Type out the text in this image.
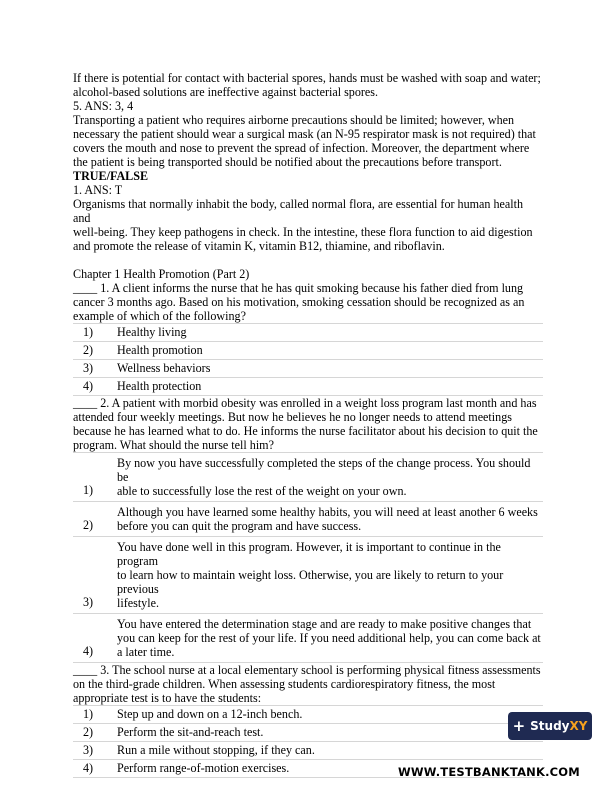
If there is potential for contact with bacterial spores, hands must be washed with soap and water;

alcohol-based solutions are ineffective against bacterial spores.

5. ANS: 3, 4

Transporting a patient who requires airborne precautions should be limited; however, when

necessary the patient should wear a surgical mask (an N-95 respirator mask is not required) that

covers the mouth and nose to prevent the spread of infection. Moreover, the department where

the patient is being transported should be notified about the precautions before transport.

TRUE/FALSE

1. ANS: T

Organisms that normally inhabit the body, called normal flora, are essential for human health and

well-being. They keep pathogens in check. In the intestine, these flora function to aid digestion

and promote the release of vitamin K, vitamin B12, thiamine, and riboflavin.

Chapter 1 Health Promotion (Part 2)

____ 1. A client informs the nurse that he has quit smoking because his father died from lung

cancer 3 months ago. Based on his motivation, smoking cessation should be recognized as an

example of which of the following?

1)	Healthy living

2)	Health promotion

3)	Wellness behaviors

4)	Health protection

____ 2. A patient with morbid obesity was enrolled in a weight loss program last month and has

attended four weekly meetings. But now he believes he no longer needs to attend meetings

because he has learned what to do. He informs the nurse facilitator about his decision to quit the

program. What should the nurse tell him?

1)	By now you have successfully completed the steps of the change process. You should be
able to successfully lose the rest of the weight on your own.

2)	Although you have learned some healthy habits, you will need at least another 6 weeks
before you can quit the program and have success.

3)	You have done well in this program. However, it is important to continue in the program
to learn how to maintain weight loss. Otherwise, you are likely to return to your previous
lifestyle.

4)	You have entered the determination stage and are ready to make positive changes that
you can keep for the rest of your life. If you need additional help, you can come back at
a later time.

____ 3. The school nurse at a local elementary school is performing physical fitness assessments

on the third-grade children. When assessing students cardiorespiratory fitness, the most

appropriate test is to have the students:

1)	Step up and down on a 12-inch bench.

2)	Perform the sit-and-reach test.

3)	Run a mile without stopping, if they can.

4)	Perform range-of-motion exercises.
+ Study XY
WWW.TESTBANKTANK.COM
